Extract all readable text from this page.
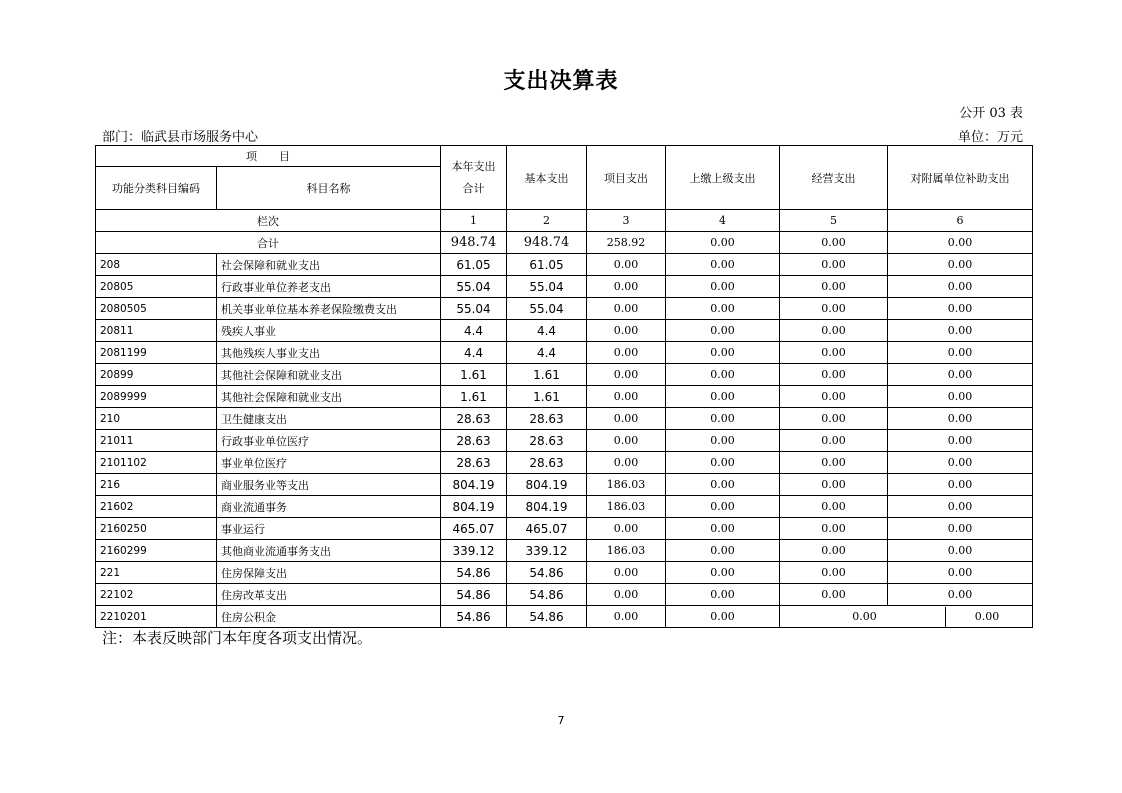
支出决算表
公开 03 表
部门：临武县市场服务中心	单位：万元
项　　目		本年支出
合计	基本支出	项目支出	上缴上级支出	经营支出	对附属单位补助支出
功能分类科目编码	科目名称						
栏次		1	2	3	4	5	6
合计		948.74	948.74	258.92	0.00	0.00	0.00
208	社会保障和就业支出	61.05	61.05	0.00	0.00	0.00	0.00
20805	行政事业单位养老支出	55.04	55.04	0.00	0.00	0.00	0.00
2080505	机关事业单位基本养老保险缴费支出	55.04	55.04	0.00	0.00	0.00	0.00
20811	残疾人事业	4.4	4.4	0.00	0.00	0.00	0.00
2081199	其他残疾人事业支出	4.4	4.4	0.00	0.00	0.00	0.00
20899	其他社会保障和就业支出	1.61	1.61	0.00	0.00	0.00	0.00
2089999	其他社会保障和就业支出	1.61	1.61	0.00	0.00	0.00	0.00
210	卫生健康支出	28.63	28.63	0.00	0.00	0.00	0.00
21011	行政事业单位医疗	28.63	28.63	0.00	0.00	0.00	0.00
2101102	事业单位医疗	28.63	28.63	0.00	0.00	0.00	0.00
216	商业服务业等支出	804.19	804.19	186.03	0.00	0.00	0.00
21602	商业流通事务	804.19	804.19	186.03	0.00	0.00	0.00
2160250	事业运行	465.07	465.07	0.00	0.00	0.00	0.00
2160299	其他商业流通事务支出	339.12	339.12	186.03	0.00	0.00	0.00
221	住房保障支出	54.86	54.86	0.00	0.00	0.00	0.00
22102	住房改革支出	54.86	54.86	0.00	0.00	0.00	0.00
2210201	住房公积金	54.86	54.86	0.00	0.00	0.00 0.00	
注：本表反映部门本年度各项支出情况。
7
